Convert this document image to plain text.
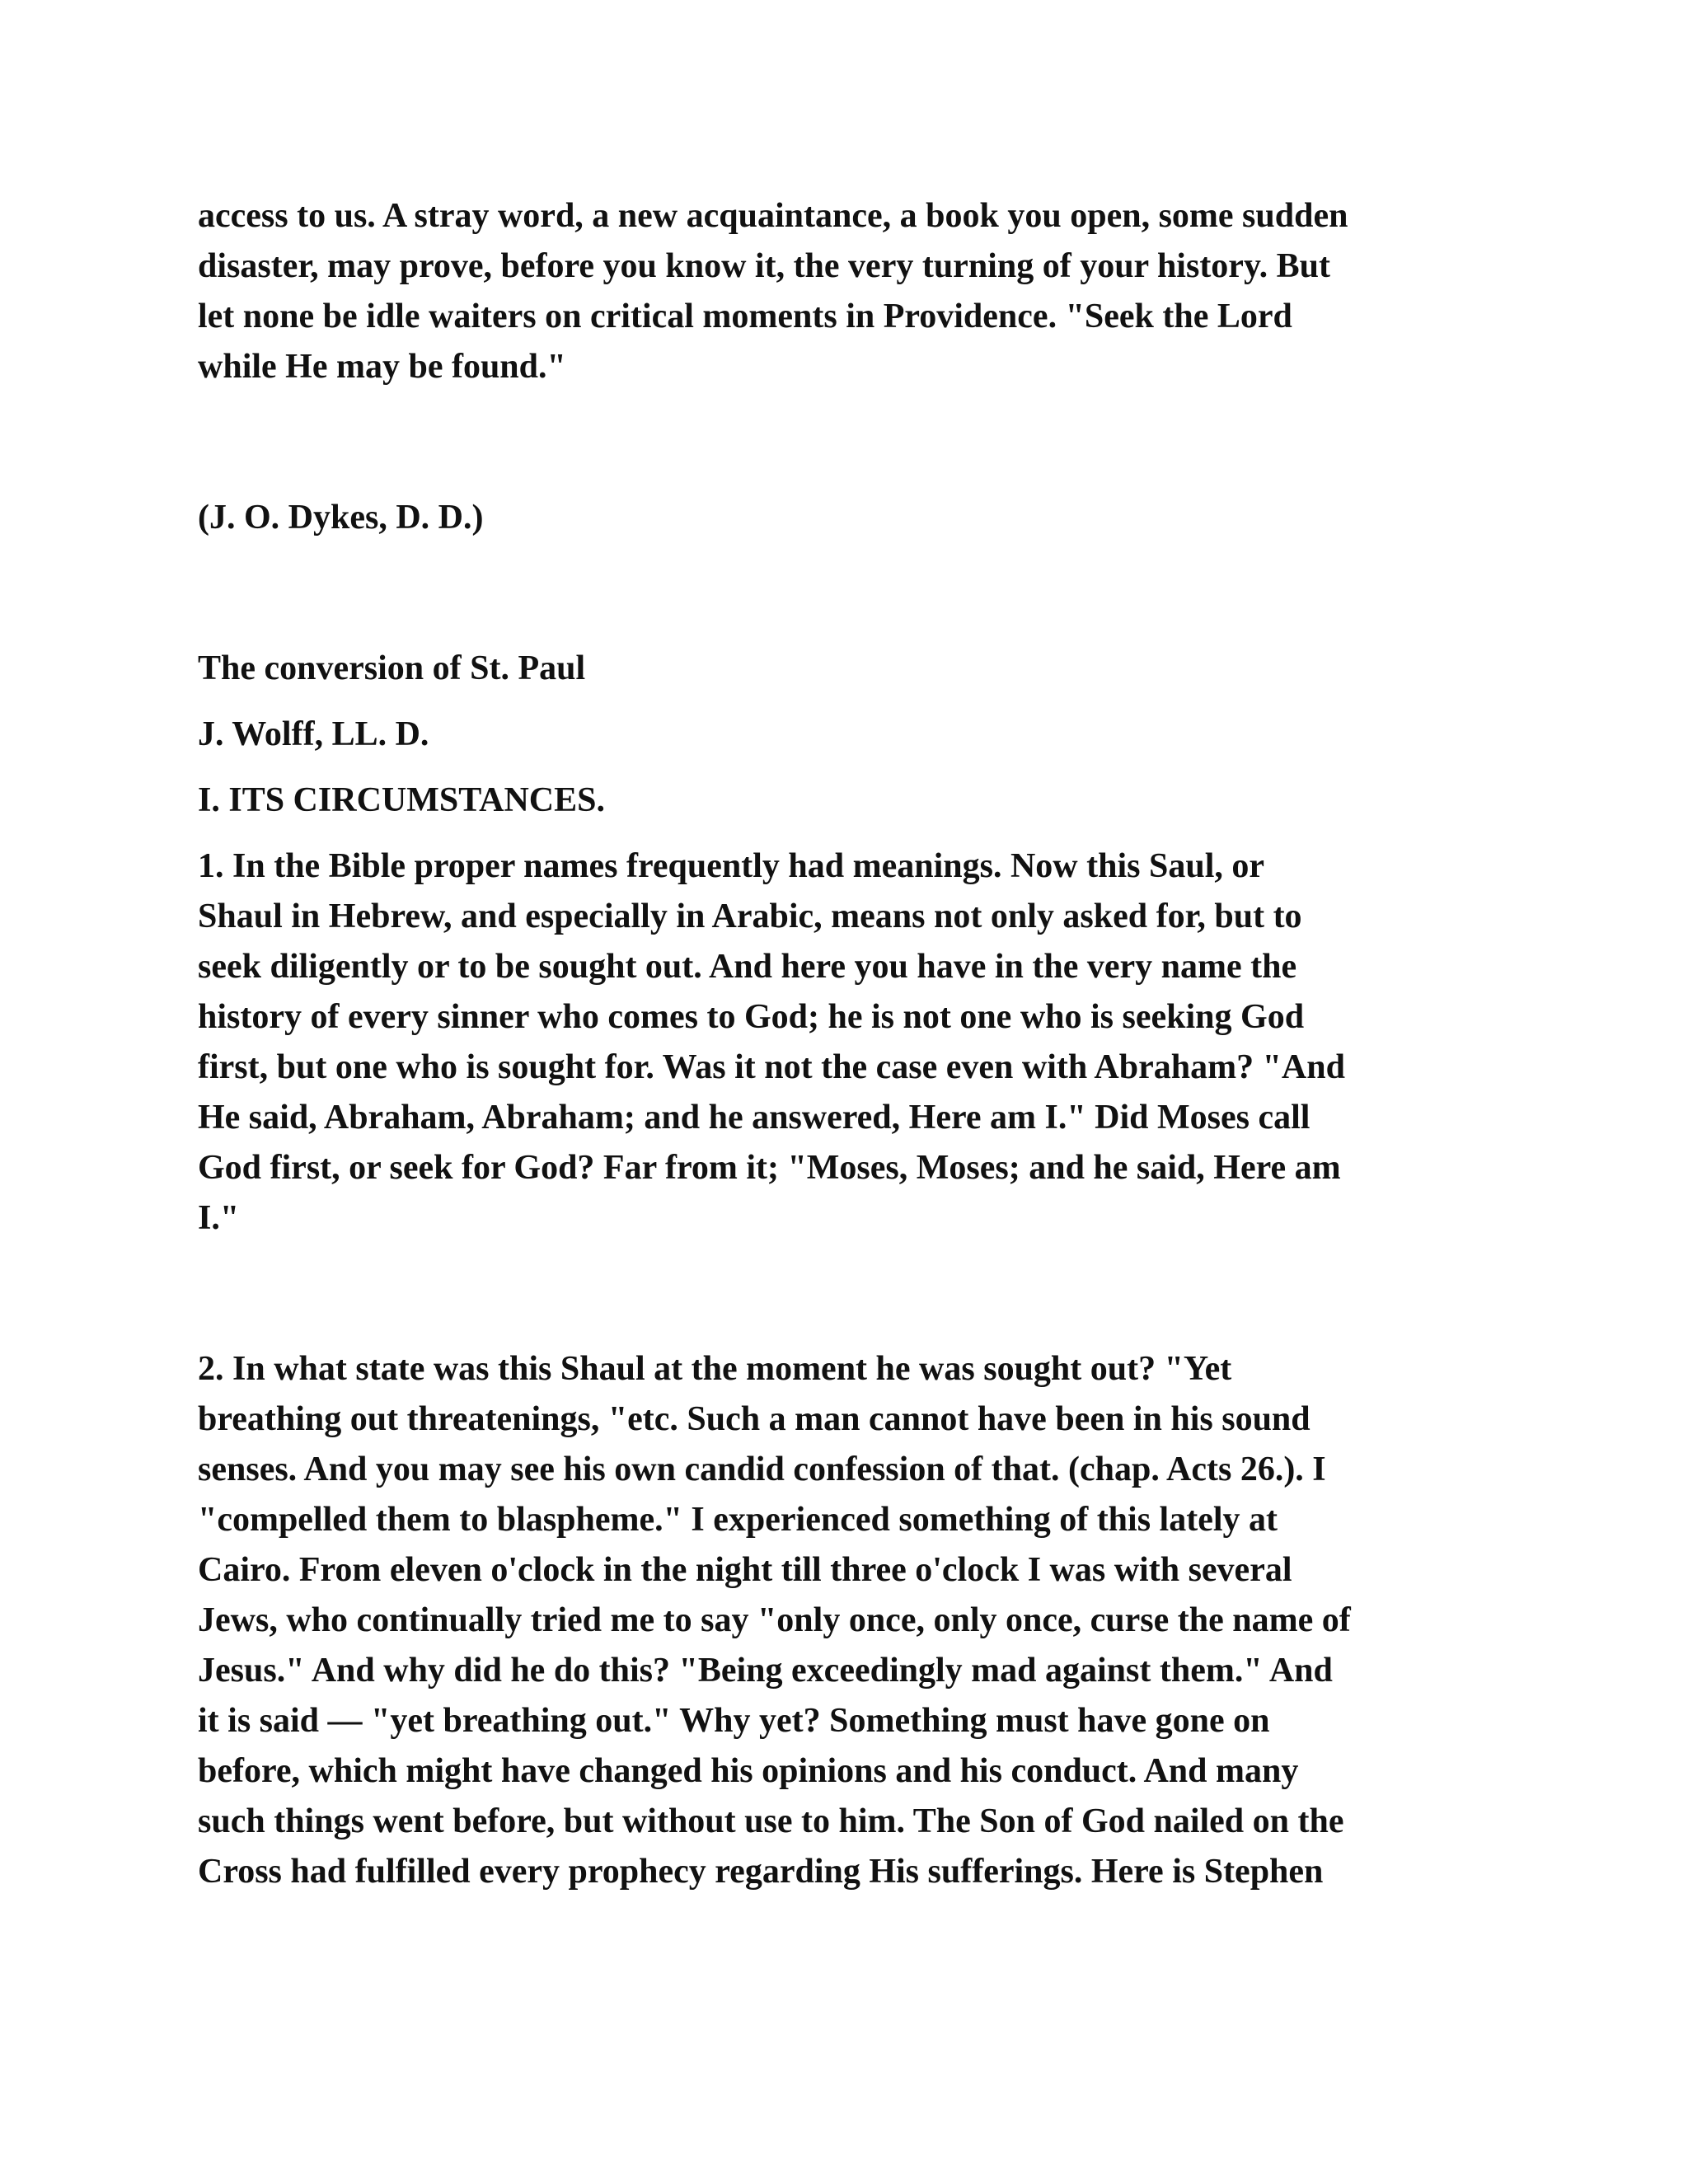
access to us. A stray word, a new acquaintance, a book you open, some sudden
disaster, may prove, before you know it, the very turning of your history. But
let none be idle waiters on critical moments in Providence. "Seek the Lord
while He may be found."

(J. O. Dykes, D. D.)

The conversion of St. Paul

J. Wolff, LL. D.

I. ITS CIRCUMSTANCES.

1. In the Bible proper names frequently had meanings. Now this Saul, or
Shaul in Hebrew, and especially in Arabic, means not only asked for, but to
seek diligently or to be sought out. And here you have in the very name the
history of every sinner who comes to God; he is not one who is seeking God
first, but one who is sought for. Was it not the case even with Abraham? "And
He said, Abraham, Abraham; and he answered, Here am I." Did Moses call
God first, or seek for God? Far from it; "Moses, Moses; and he said, Here am
I."

2. In what state was this Shaul at the moment he was sought out? "Yet
breathing out threatenings, "etc. Such a man cannot have been in his sound
senses. And you may see his own candid confession of that. (chap. Acts 26.). I
"compelled them to blaspheme." I experienced something of this lately at
Cairo. From eleven o'clock in the night till three o'clock I was with several
Jews, who continually tried me to say "only once, only once, curse the name of
Jesus." And why did he do this? "Being exceedingly mad against them." And
it is said — "yet breathing out." Why yet? Something must have gone on
before, which might have changed his opinions and his conduct. And many
such things went before, but without use to him. The Son of God nailed on the
Cross had fulfilled every prophecy regarding His sufferings. Here is Stephen
